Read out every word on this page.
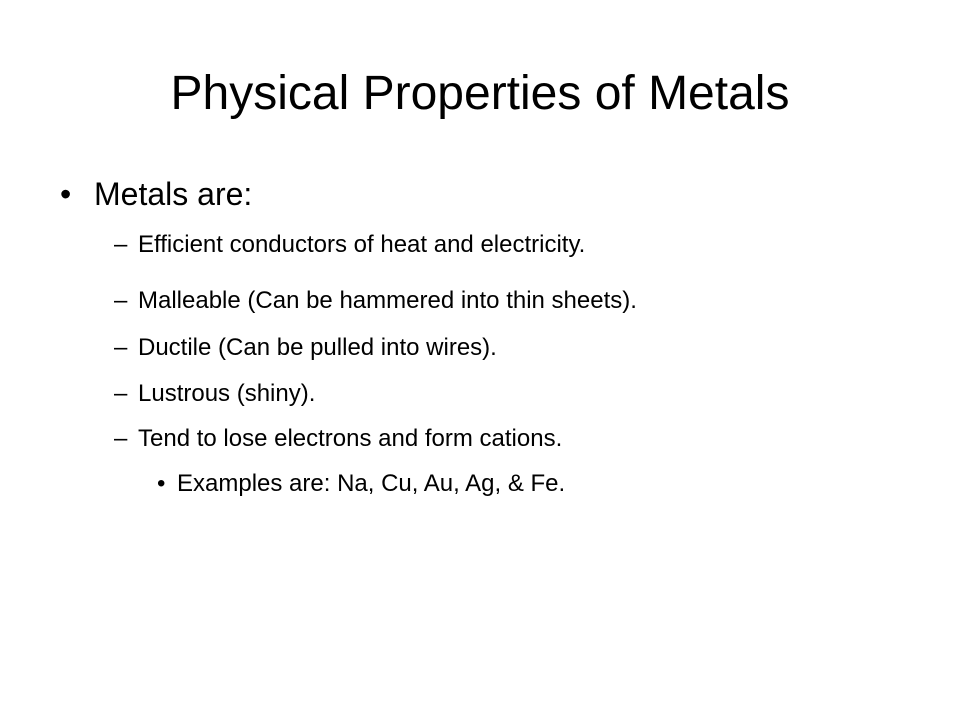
Physical Properties of Metals
• Metals are:
– Efficient conductors of heat and electricity.
– Malleable (Can be hammered into thin sheets).
– Ductile (Can be pulled into wires).
– Lustrous (shiny).
– Tend to lose electrons and form cations.
• Examples are: Na, Cu, Au, Ag, & Fe.
